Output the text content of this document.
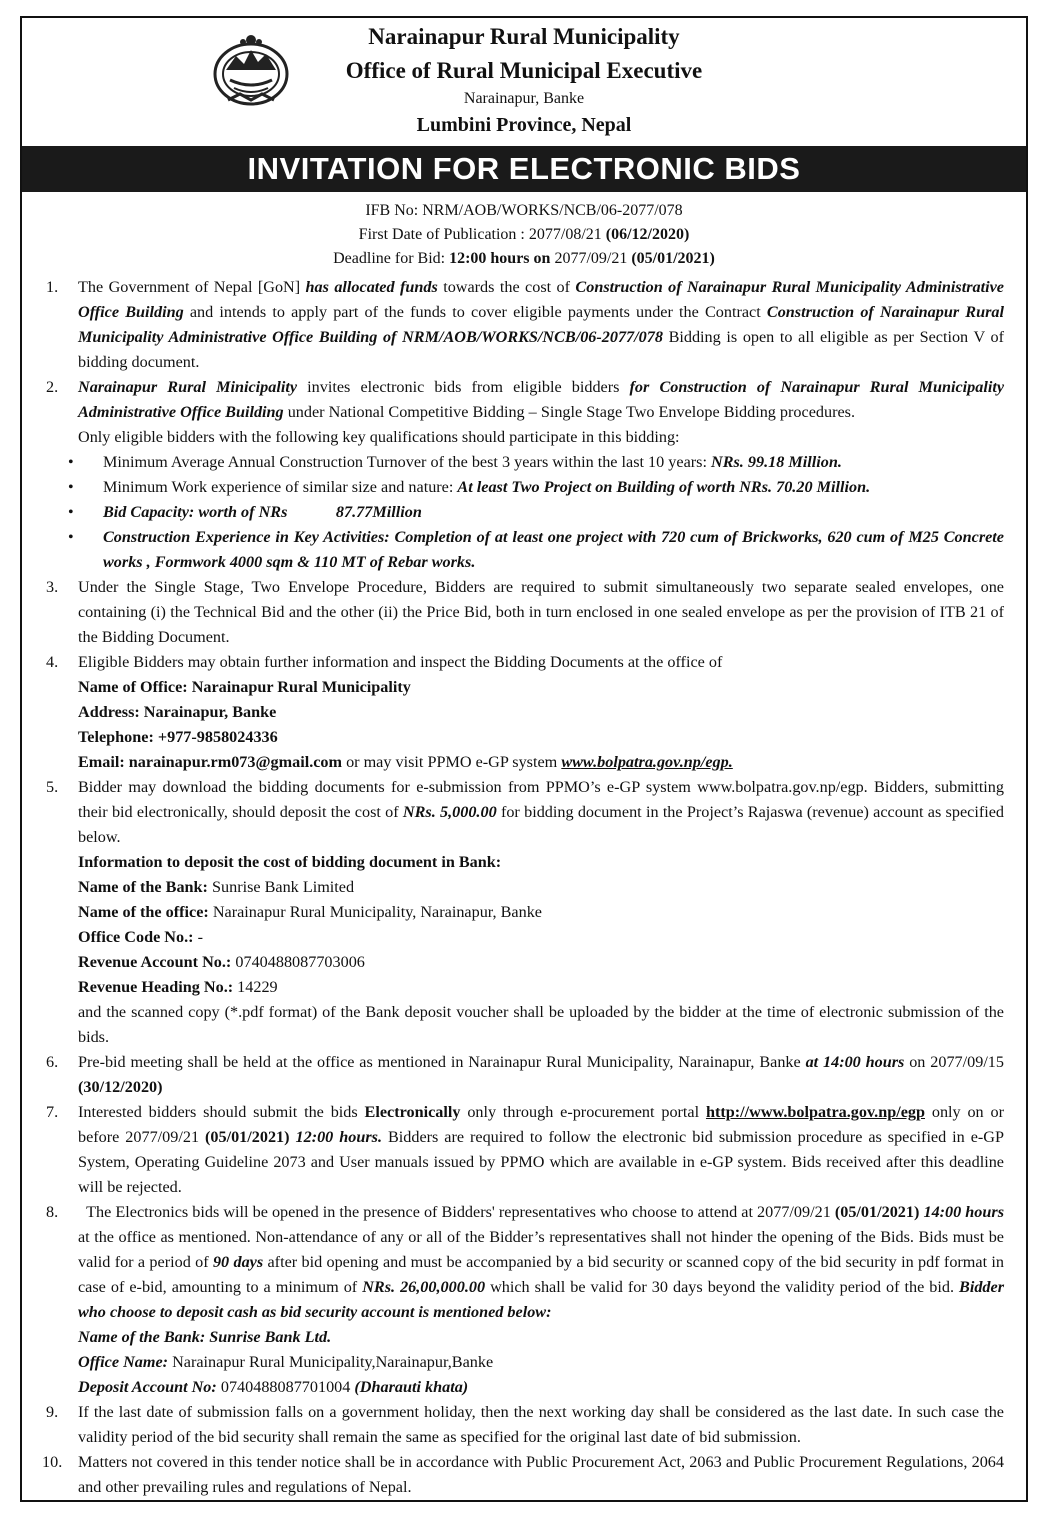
Narainapur Rural Municipality
Office of Rural Municipal Executive
Narainapur, Banke
Lumbini Province, Nepal
INVITATION FOR ELECTRONIC BIDS
IFB No: NRM/AOB/WORKS/NCB/06-2077/078
First Date of Publication : 2077/08/21 (06/12/2020)
Deadline for Bid: 12:00 hours on 2077/09/21 (05/01/2021)
1. The Government of Nepal [GoN] has allocated funds towards the cost of Construction of Narainapur Rural Municipality Administrative Office Building and intends to apply part of the funds to cover eligible payments under the Contract Construction of Narainapur Rural Municipality Administrative Office Building of NRM/AOB/WORKS/NCB/06-2077/078 Bidding is open to all eligible as per Section V of bidding document.
2. Narainapur Rural Minicipality invites electronic bids from eligible bidders for Construction of Narainapur Rural Municipality Administrative Office Building under National Competitive Bidding – Single Stage Two Envelope Bidding procedures.
Only eligible bidders with the following key qualifications should participate in this bidding:
• Minimum Average Annual Construction Turnover of the best 3 years within the last 10 years: NRs. 99.18 Million.
• Minimum Work experience of similar size and nature: At least Two Project on Building of worth NRs. 70.20 Million.
• Bid Capacity: worth of NRs            87.77Million
• Construction Experience in Key Activities: Completion of at least one project with 720 cum of Brickworks, 620 cum of M25 Concrete works , Formwork 4000 sqm & 110 MT of Rebar works.
3. Under the Single Stage, Two Envelope Procedure, Bidders are required to submit simultaneously two separate sealed envelopes, one containing (i) the Technical Bid and the other (ii) the Price Bid, both in turn enclosed in one sealed envelope as per the provision of ITB 21 of the Bidding Document.
4. Eligible Bidders may obtain further information and inspect the Bidding Documents at the office of
Name of Office: Narainapur Rural Municipality
Address: Narainapur, Banke
Telephone: +977-9858024336
Email: narainapur.rm073@gmail.com or may visit PPMO e-GP system www.bolpatra.gov.np/egp.
5. Bidder may download the bidding documents for e-submission from PPMO’s e-GP system www.bolpatra.gov.np/egp. Bidders, submitting their bid electronically, should deposit the cost of NRs. 5,000.00 for bidding document in the Project’s Rajaswa (revenue) account as specified below.
Information to deposit the cost of bidding document in Bank:
Name of the Bank: Sunrise Bank Limited
Name of the office: Narainapur Rural Municipality, Narainapur, Banke
Office Code No.: -
Revenue Account No.: 0740488087703006
Revenue Heading No.: 14229
and the scanned copy (*.pdf format) of the Bank deposit voucher shall be uploaded by the bidder at the time of electronic submission of the bids.
6. Pre-bid meeting shall be held at the office as mentioned in Narainapur Rural Municipality, Narainapur, Banke at 14:00 hours on 2077/09/15 (30/12/2020)
7. Interested bidders should submit the bids Electronically only through e-procurement portal http://www.bolpatra.gov.np/egp only on or before 2077/09/21 (05/01/2021) 12:00 hours. Bidders are required to follow the electronic bid submission procedure as specified in e-GP System, Operating Guideline 2073 and User manuals issued by PPMO which are available in e-GP system. Bids received after this deadline will be rejected.
8. The Electronics bids will be opened in the presence of Bidders' representatives who choose to attend at 2077/09/21 (05/01/2021) 14:00 hours at the office as mentioned. Non-attendance of any or all of the Bidder’s representatives shall not hinder the opening of the Bids. Bids must be valid for a period of 90 days after bid opening and must be accompanied by a bid security or scanned copy of the bid security in pdf format in case of e-bid, amounting to a minimum of NRs. 26,00,000.00 which shall be valid for 30 days beyond the validity period of the bid. Bidder who choose to deposit cash as bid security account is mentioned below:
Name of the Bank: Sunrise Bank Ltd.
Office Name: Narainapur Rural Municipality,Narainapur,Banke
Deposit Account No: 0740488087701004 (Dharauti khata)
9. If the last date of submission falls on a government holiday, then the next working day shall be considered as the last date. In such case the validity period of the bid security shall remain the same as specified for the original last date of bid submission.
10. Matters not covered in this tender notice shall be in accordance with Public Procurement Act, 2063 and Public Procurement Regulations, 2064 and other prevailing rules and regulations of Nepal.
